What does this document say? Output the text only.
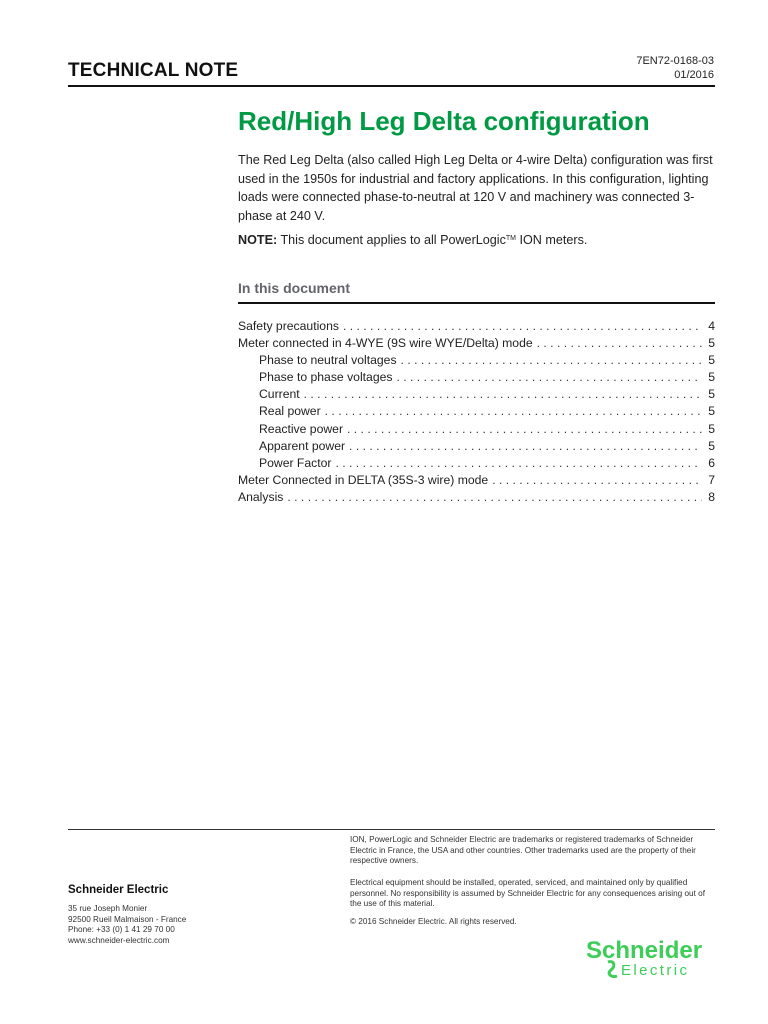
TECHNICAL NOTE	7EN72-0168-03
01/2016
Red/High Leg Delta configuration
The Red Leg Delta (also called High Leg Delta or 4-wire Delta) configuration was first used in the 1950s for industrial and factory applications. In this configuration, lighting loads were connected phase-to-neutral at 120 V and machinery was connected 3-phase at 240 V.
NOTE: This document applies to all PowerLogic™ ION meters.
In this document
Safety precautions . . .	4
Meter connected in 4-WYE (9S wire WYE/Delta) mode . . .	5
Phase to neutral voltages . . .	5
Phase to phase voltages . . .	5
Current . . .	5
Real power . . .	5
Reactive power . . .	5
Apparent power . . .	5
Power Factor . . .	6
Meter Connected in DELTA (35S-3 wire) mode . . .	7
Analysis . . .	8
ION, PowerLogic and Schneider Electric are trademarks or registered trademarks of Schneider Electric in France, the USA and other countries. Other trademarks used are the property of their respective owners.
Electrical equipment should be installed, operated, serviced, and maintained only by qualified personnel. No responsibility is assumed by Schneider Electric for any consequences arising out of the use of this material.
© 2016 Schneider Electric. All rights reserved.
Schneider Electric
35 rue Joseph Monier
92500 Rueil Malmaison - France
Phone: +33 (0) 1 41 29 70 00
www.schneider-electric.com	Schneider
Electric
